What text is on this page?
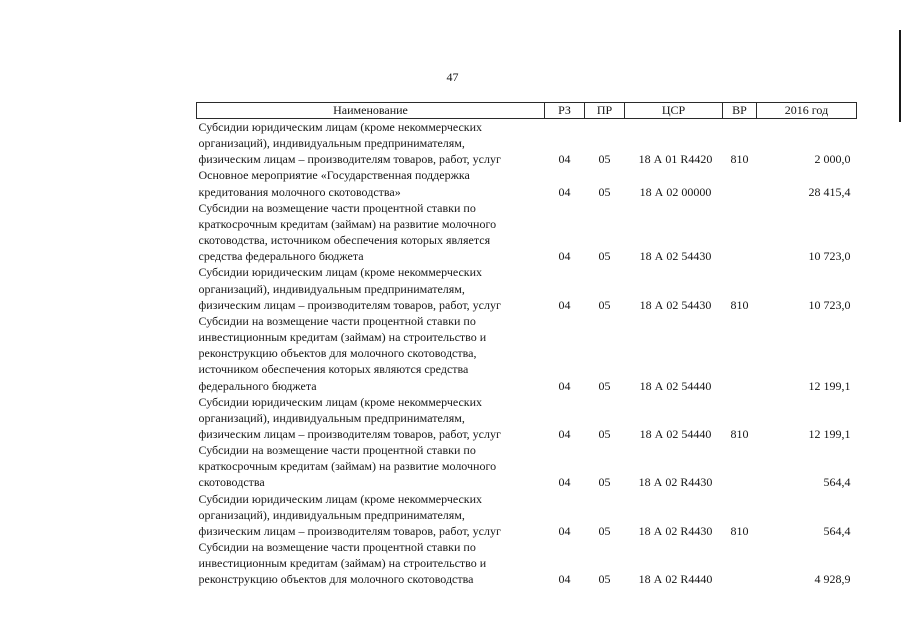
47
Наименование	РЗ	ПР	ЦСР	ВР	2016 год

Субсидии юридическим лицам (кроме некоммерческих
организаций), индивидуальным предпринимателям,
физическим лицам – производителям товаров, работ, услуг	04	05	18 А 01 R4420	810	2 000,0

Основное мероприятие «Государственная поддержка
кредитования молочного скотоводства»	04	05	18 А 02 00000		28 415,4

Субсидии на возмещение части процентной ставки по
краткосрочным кредитам (займам) на развитие молочного
скотоводства, источником обеспечения которых является
средства федерального бюджета	04	05	18 А 02 54430		10 723,0

Субсидии юридическим лицам (кроме некоммерческих
организаций), индивидуальным предпринимателям,
физическим лицам – производителям товаров, работ, услуг	04	05	18 А 02 54430	810	10 723,0

Субсидии на возмещение части процентной ставки по
инвестиционным кредитам (займам) на строительство и
реконструкцию объектов для молочного скотоводства,
источником обеспечения которых являются средства
федерального бюджета	04	05	18 А 02 54440		12 199,1

Субсидии юридическим лицам (кроме некоммерческих
организаций), индивидуальным предпринимателям,
физическим лицам – производителям товаров, работ, услуг	04	05	18 А 02 54440	810	12 199,1

Субсидии на возмещение части процентной ставки по
краткосрочным кредитам (займам) на развитие молочного
скотоводства	04	05	18 А 02 R4430		564,4

Субсидии юридическим лицам (кроме некоммерческих
организаций), индивидуальным предпринимателям,
физическим лицам – производителям товаров, работ, услуг	04	05	18 А 02 R4430	810	564,4

Субсидии на возмещение части процентной ставки по
инвестиционным кредитам (займам) на строительство и
реконструкцию объектов для молочного скотоводства	04	05	18 А 02 R4440		4 928,9
